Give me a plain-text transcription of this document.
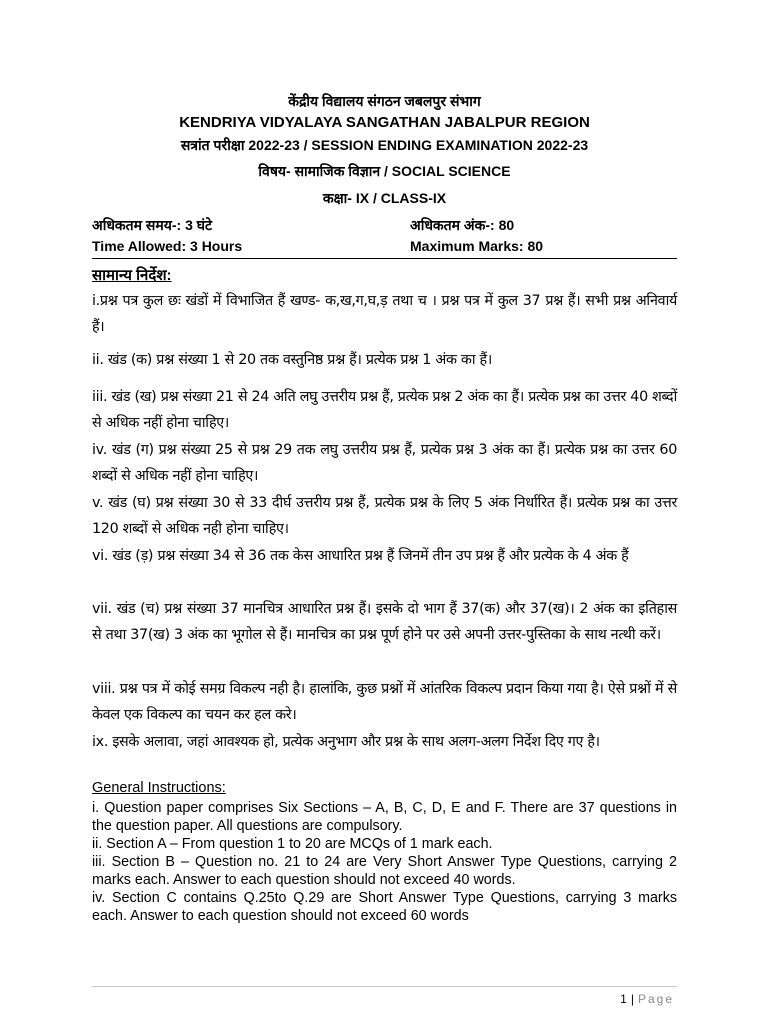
केंद्रीय विद्यालय संगठन जबलपुर संभाग
KENDRIYA VIDYALAYA SANGATHAN JABALPUR REGION
सत्रांत परीक्षा 2022-23 / SESSION ENDING EXAMINATION 2022-23
विषय- सामाजिक विज्ञान / SOCIAL SCIENCE
कक्षा- IX / CLASS-IX
अधिकतम समय-: 3 घंटे	अधिकतम अंक-: 80
Time Allowed: 3 Hours	Maximum Marks: 80
सामान्य निर्देश:
i.प्रश्न पत्र कुल छः खंडों में विभाजित हैं खण्ड- क,ख,ग,घ,ड़ तथा च । प्रश्न पत्र में कुल 37 प्रश्न हैं। सभी प्रश्न अनिवार्य हैं।
ii. खंड (क) प्रश्न संख्या 1 से 20 तक वस्तुनिष्ठ प्रश्न हैं। प्रत्येक प्रश्न 1 अंक का हैं।
iii. खंड (ख) प्रश्न संख्या 21 से 24 अति लघु उत्तरीय प्रश्न हैं, प्रत्येक प्रश्न 2 अंक का हैं। प्रत्येक प्रश्न का उत्तर 40 शब्दों से अधिक नहीं होना चाहिए।
iv. खंड (ग) प्रश्न संख्या 25 से प्रश्न 29 तक लघु उत्तरीय प्रश्न हैं, प्रत्येक प्रश्न 3 अंक का हैं। प्रत्येक प्रश्न का उत्तर 60 शब्दों से अधिक नहीं होना चाहिए।
v. खंड (घ) प्रश्न संख्या 30 से 33 दीर्घ उत्तरीय प्रश्न हैं, प्रत्येक प्रश्न के लिए 5 अंक निर्धारित हैं। प्रत्येक प्रश्न का उत्तर 120 शब्दों से अधिक नही होना चाहिए।
vi. खंड (ड़) प्रश्न संख्या 34 से 36 तक केस आधारित प्रश्न हैं जिनमें तीन उप प्रश्न हैं और प्रत्येक के 4 अंक हैं
vii. खंड (च) प्रश्न संख्या 37 मानचित्र आधारित प्रश्न हैं। इसके दो भाग हैं 37(क) और 37(ख)। 2 अंक का इतिहास से तथा 37(ख) 3 अंक का भूगोल से हैं। मानचित्र का प्रश्न पूर्ण होने पर उसे अपनी उत्तर-पुस्तिका के साथ नत्थी करें।
viii. प्रश्न पत्र में कोई समग्र विकल्प नही है। हालांकि, कुछ प्रश्नों में आंतरिक विकल्प प्रदान किया गया है। ऐसे प्रश्नों में से केवल एक विकल्प का चयन कर हल करे।
ix. इसके अलावा, जहां आवश्यक हो, प्रत्येक अनुभाग और प्रश्न के साथ अलग-अलग निर्देश दिए गए है।
General Instructions:
i. Question paper comprises Six Sections – A, B, C, D, E and F. There are 37 questions in the question paper. All questions are compulsory.
ii. Section A – From question 1 to 20 are MCQs of 1 mark each.
iii. Section B – Question no. 21 to 24 are Very Short Answer Type Questions, carrying 2 marks each. Answer to each question should not exceed 40 words.
iv. Section C contains Q.25to Q.29 are Short Answer Type Questions, carrying 3 marks each. Answer to each question should not exceed 60 words
1 | Page
